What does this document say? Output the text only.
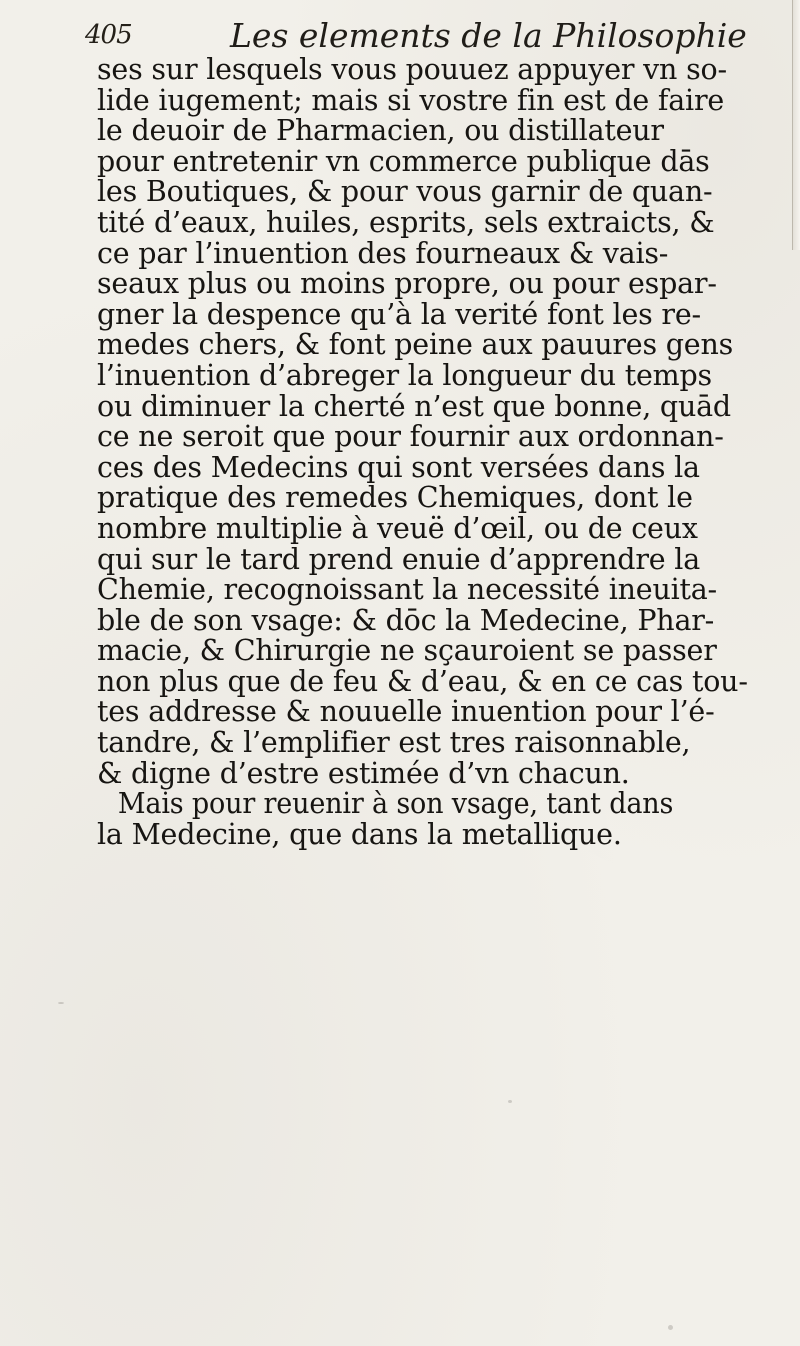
405	Les elements de la Philosophie
ses sur lesquels vous pouuez appuyer vn so-
lide iugement; mais si vostre fin est de faire
le deuoir de Pharmacien, ou distillateur
pour entretenir vn commerce publique dās
les Boutiques, & pour vous garnir de quan-
tité d’eaux, huiles, esprits, sels extraicts, &
ce par l’inuention des fourneaux & vais-
seaux plus ou moins propre, ou pour espar-
gner la despence qu’à la verité font les re-
medes chers, & font peine aux pauures gens
l’inuention d’abreger la longueur du temps
ou diminuer la cherté n’est que bonne, quād
ce ne seroit que pour fournir aux ordonnan-
ces des Medecins qui sont versées dans la
pratique des remedes Chemiques, dont le
nombre multiplie à veuë d’œil, ou de ceux
qui sur le tard prend enuie d’apprendre la
Chemie, recognoissant la necessité ineuita-
ble de son vsage: & dōc la Medecine, Phar-
macie, & Chirurgie ne sçauroient se passer
non plus que de feu & d’eau, & en ce cas tou-
tes addresse & nouuelle inuention pour l’é-
tandre, & l’emplifier est tres raisonnable,
& digne d’estre estimée d’vn chacun.
Mais pour reuenir à son vsage, tant dans
la Medecine, que dans la metallique.
